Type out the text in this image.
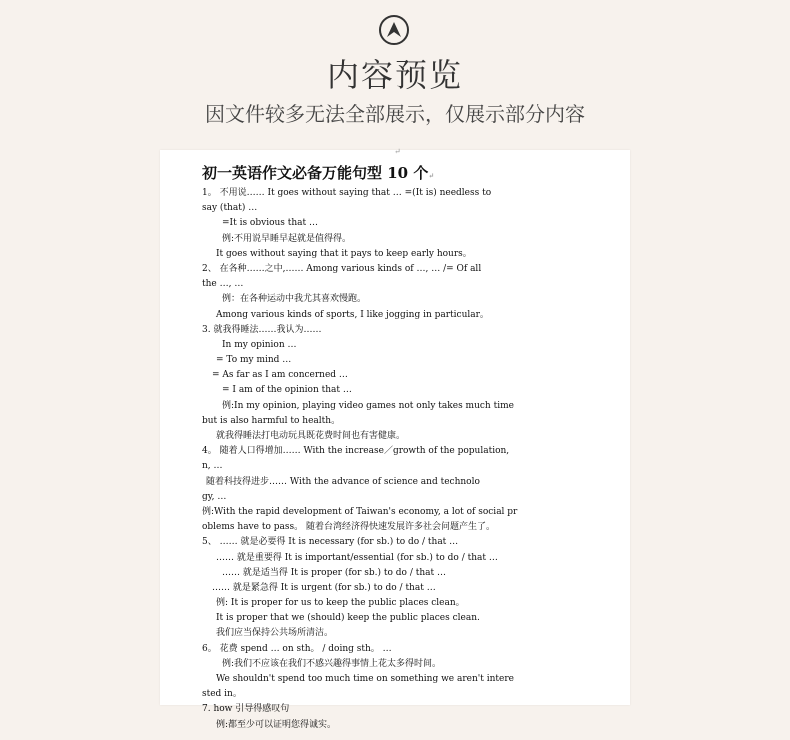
内容预览
因文件较多无法全部展示，仅展示部分内容
↵
初一英语作文必备万能句型 10 个↵
1。 不用说…… It goes without saying that … =(It is) needless to
say (that) …
=It is obvious that …
例:不用说早睡早起就是值得得。
It goes without saying that it pays to keep early hours。
2、 在各种……之中,…… Among various kinds of …, … /= Of all
the …, …
例：在各种运动中我尤其喜欢慢跑。
Among various kinds of sports, I like jogging in particular。
3. 就我得睡法……我认为……
In my opinion …
= To my mind …
= As far as I am concerned …
= I am of the opinion that …
例:In my opinion, playing video games not only takes much time
but is also harmful to health。
就我得睡法打电动玩具既花费时间也有害健康。
4。 随着人口得增加…… With the increase／growth of the population,
n, …
随着科技得进步…… With the advance of science and technolo
gy, …
例:With the rapid development of Taiwan's economy, a lot of social pr
oblems have to pass。 随着台湾经济得快速发展许多社会问题产生了。
5、 …… 就是必要得 It is necessary (for sb.) to do / that …
…… 就是重要得 It is important/essential (for sb.) to do / that …
…… 就是适当得 It is proper (for sb.) to do / that …
…… 就是紧急得 It is urgent (for sb.) to do / that …
例: It is proper for us to keep the public places clean。
It is proper that we (should) keep the public places clean.
我们应当保持公共场所清洁。
6。 花费 spend … on sth。 / doing sth。 …
例:我们不应该在我们不感兴趣得事情上花太多得时间。
We shouldn't spend too much time on something we aren't intere
sted in。
7. how 引导得感叹句
例:都至少可以证明您得诚实。
